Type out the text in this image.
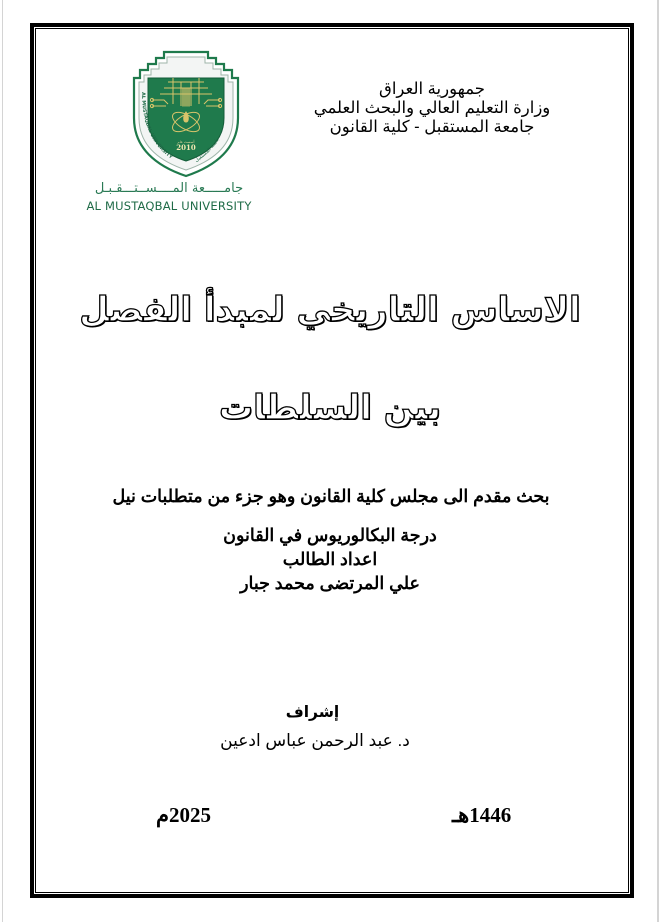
أسست عام
2010
AL MUSTAQBAL UNIVERSITY	جامعة المستقبل
جامـــــعة المــــســتـــقـبـل
AL MUSTAQBAL UNIVERSITY
جمهورية العراق
وزارة التعليم العالي والبحث العلمي
جامعة المستقبل - كلية القانون
الاساس التاريخي لمبدأ الفصل
بين السلطات
بحث مقدم الى مجلس كلية القانون وهو جزء من متطلبات نيل
درجة البكالوريوس في القانون
اعداد الطالب
علي المرتضى محمد جبار
إشراف
د. عبد الرحمن عباس ادعين
1446هـ
2025م
